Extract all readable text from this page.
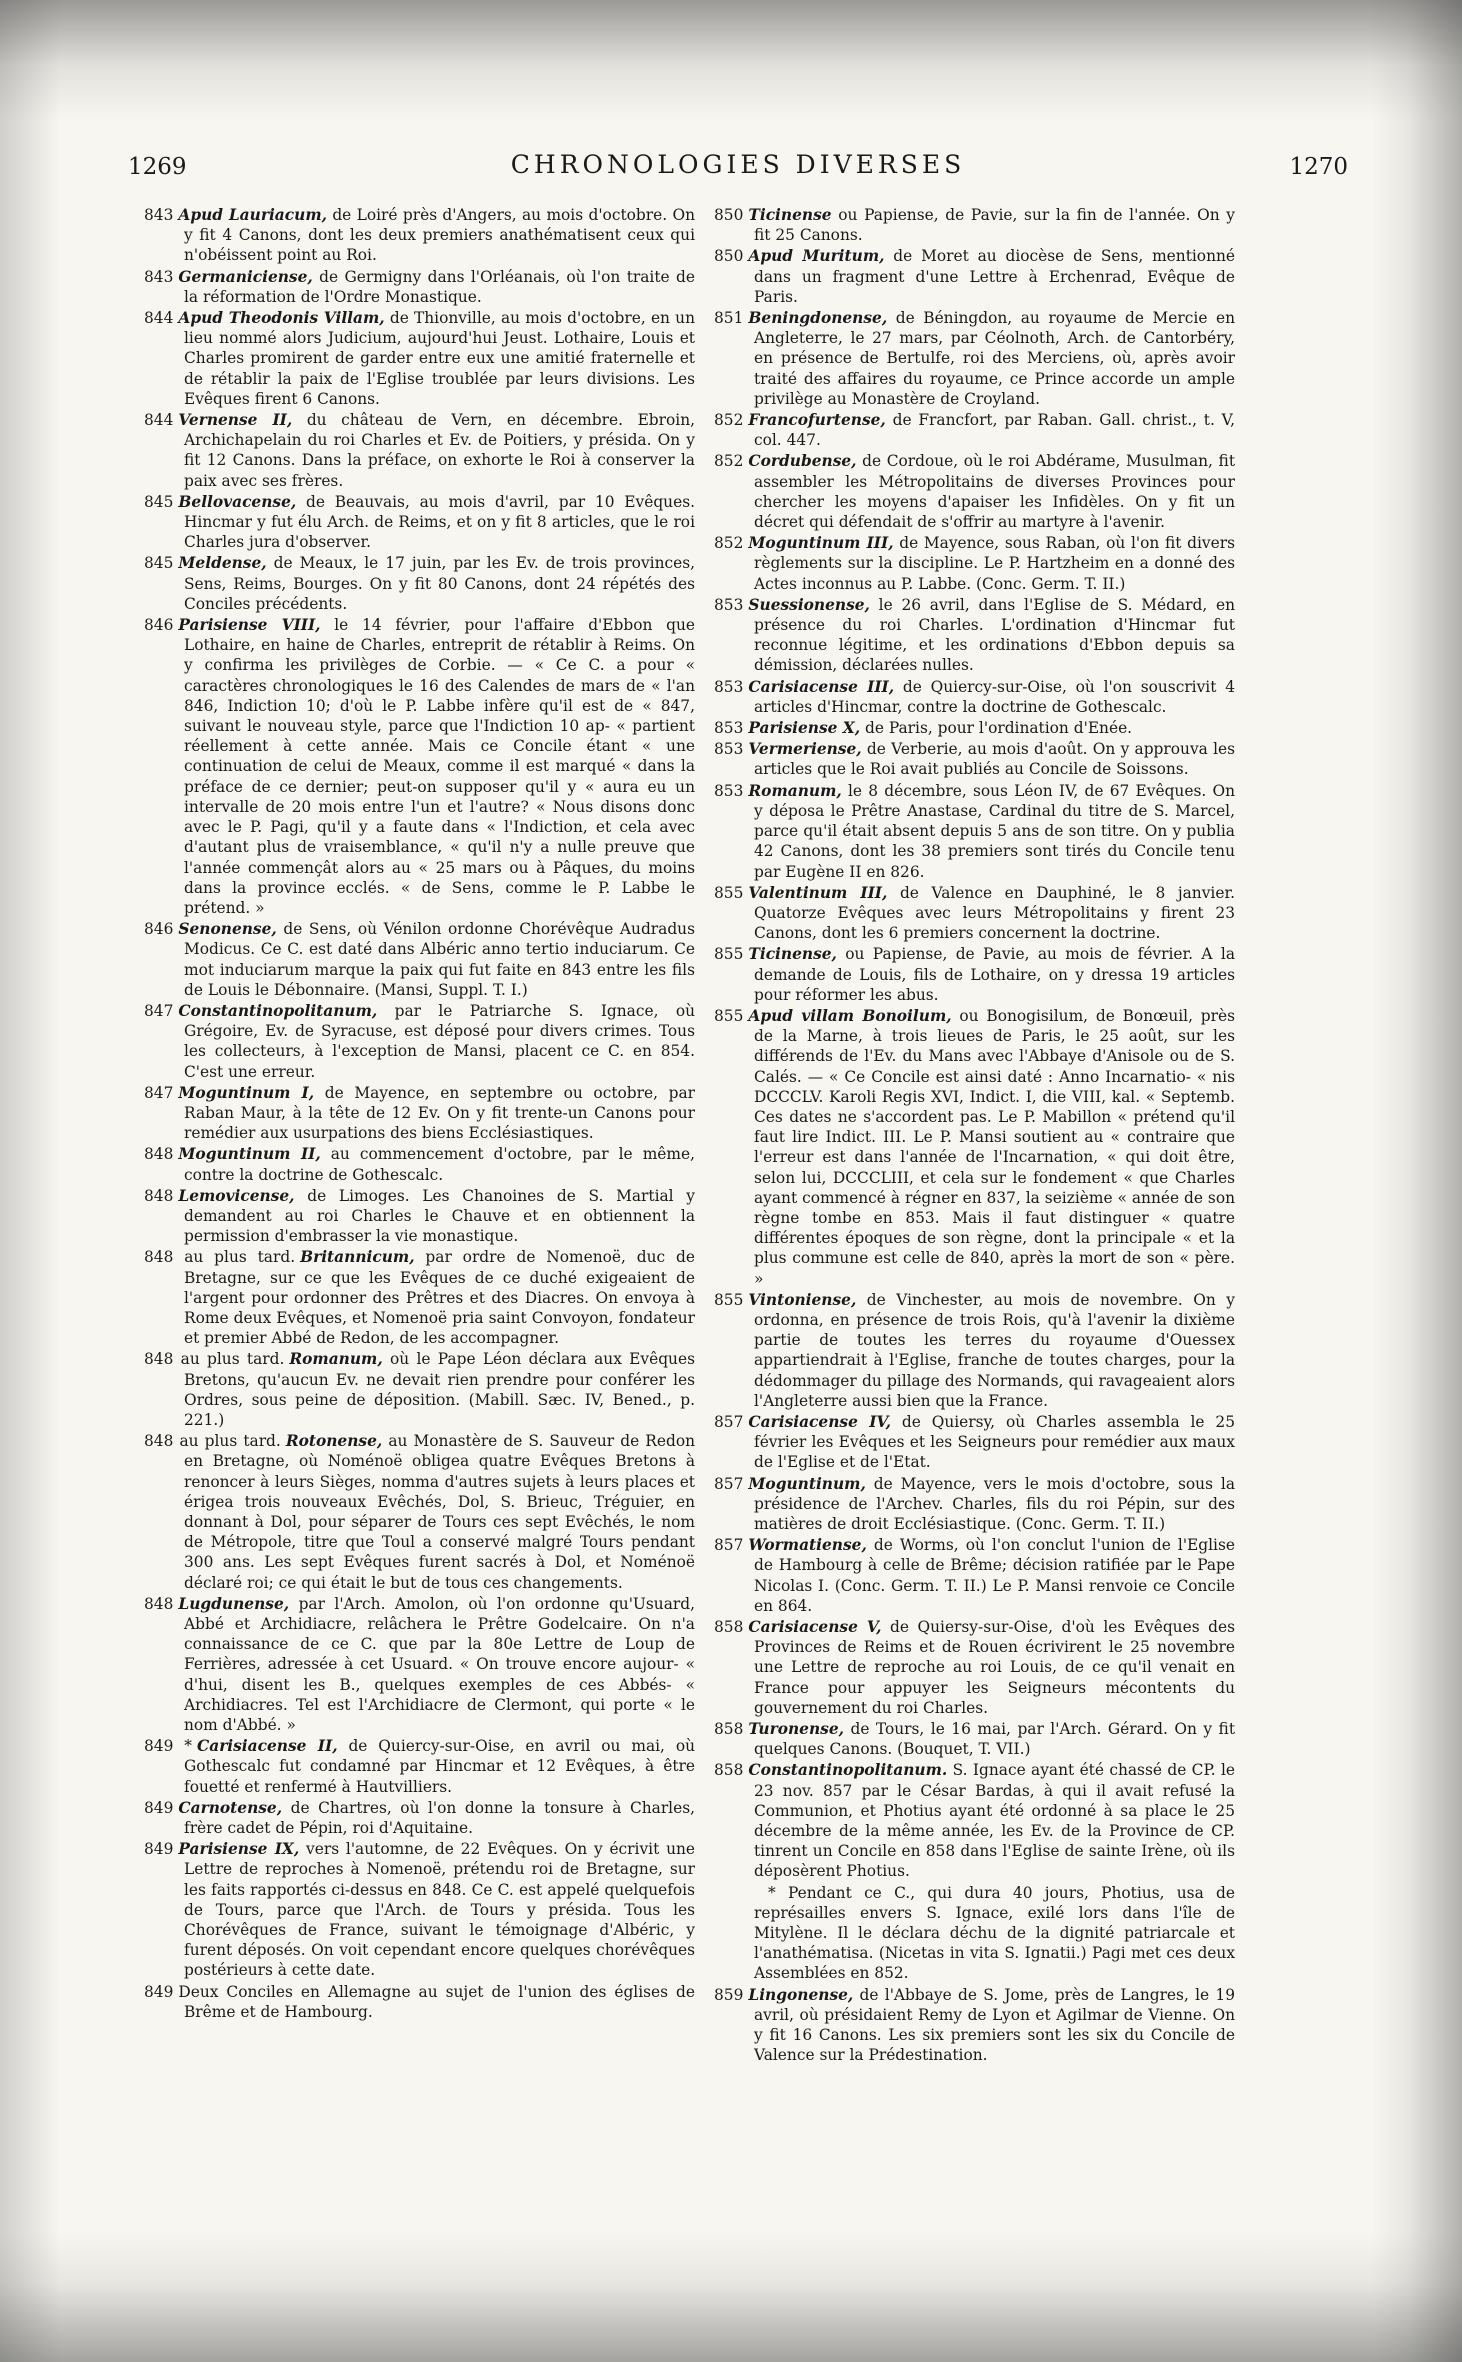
1269	CHRONOLOGIES DIVERSES	1270

843 Apud Lauriacum, de Loiré près d'Angers, au mois d'octobre. On y fit 4 Canons, dont les deux premiers anathématisent ceux qui n'obéissent point au Roi.

843 Germaniciense, de Germigny dans l'Orléanais, où l'on traite de la réformation de l'Ordre Monastique.

844 Apud Theodonis Villam, de Thionville, au mois d'octobre, en un lieu nommé alors Judicium, aujourd'hui Jeust. Lothaire, Louis et Charles promirent de garder entre eux une amitié fraternelle et de rétablir la paix de l'Eglise troublée par leurs divisions. Les Evêques firent 6 Canons.

844 Vernense II, du château de Vern, en décembre. Ebroin, Archichapelain du roi Charles et Ev. de Poitiers, y présida. On y fit 12 Canons. Dans la préface, on exhorte le Roi à conserver la paix avec ses frères.

845 Bellovacense, de Beauvais, au mois d'avril, par 10 Evêques. Hincmar y fut élu Arch. de Reims, et on y fit 8 articles, que le roi Charles jura d'observer.

845 Meldense, de Meaux, le 17 juin, par les Ev. de trois provinces, Sens, Reims, Bourges. On y fit 80 Canons, dont 24 répétés des Conciles précédents.

846 Parisiense VIII, le 14 février, pour l'affaire d'Ebbon que Lothaire, en haine de Charles, entreprit de rétablir à Reims. On y confirma les privilèges de Corbie. — « Ce C. a pour « caractères chronologiques le 16 des Calendes de mars de « l'an 846, Indiction 10; d'où le P. Labbe infère qu'il est de « 847, suivant le nouveau style, parce que l'Indiction 10 ap- « partient réellement à cette année. Mais ce Concile étant « une continuation de celui de Meaux, comme il est marqué « dans la préface de ce dernier; peut-on supposer qu'il y « aura eu un intervalle de 20 mois entre l'un et l'autre? « Nous disons donc avec le P. Pagi, qu'il y a faute dans « l'Indiction, et cela avec d'autant plus de vraisemblance, « qu'il n'y a nulle preuve que l'année commençât alors au « 25 mars ou à Pâques, du moins dans la province ecclés. « de Sens, comme le P. Labbe le prétend. »

846 Senonense, de Sens, où Vénilon ordonne Chorévêque Audradus Modicus. Ce C. est daté dans Albéric anno tertio induciarum. Ce mot induciarum marque la paix qui fut faite en 843 entre les fils de Louis le Débonnaire. (Mansi, Suppl. T. I.)

847 Constantinopolitanum, par le Patriarche S. Ignace, où Grégoire, Ev. de Syracuse, est déposé pour divers crimes. Tous les collecteurs, à l'exception de Mansi, placent ce C. en 854. C'est une erreur.

847 Moguntinum I, de Mayence, en septembre ou octobre, par Raban Maur, à la tête de 12 Ev. On y fit trente-un Canons pour remédier aux usurpations des biens Ecclésiastiques.

848 Moguntinum II, au commencement d'octobre, par le même, contre la doctrine de Gothescalc.

848 Lemovicense, de Limoges. Les Chanoines de S. Martial y demandent au roi Charles le Chauve et en obtiennent la permission d'embrasser la vie monastique.

848 au plus tard. Britannicum, par ordre de Nomenoë, duc de Bretagne, sur ce que les Evêques de ce duché exigeaient de l'argent pour ordonner des Prêtres et des Diacres. On envoya à Rome deux Evêques, et Nomenoë pria saint Convoyon, fondateur et premier Abbé de Redon, de les accompagner.

848 au plus tard. Romanum, où le Pape Léon déclara aux Evêques Bretons, qu'aucun Ev. ne devait rien prendre pour conférer les Ordres, sous peine de déposition. (Mabill. Sæc. IV, Bened., p. 221.)

848 au plus tard. Rotonense, au Monastère de S. Sauveur de Redon en Bretagne, où Noménoë obligea quatre Evêques Bretons à renoncer à leurs Sièges, nomma d'autres sujets à leurs places et érigea trois nouveaux Evêchés, Dol, S. Brieuc, Tréguier, en donnant à Dol, pour séparer de Tours ces sept Evêchés, le nom de Métropole, titre que Toul a conservé malgré Tours pendant 300 ans. Les sept Evêques furent sacrés à Dol, et Noménoë déclaré roi; ce qui était le but de tous ces changements.

848 Lugdunense, par l'Arch. Amolon, où l'on ordonne qu'Usuard, Abbé et Archidiacre, relâchera le Prêtre Godelcaire. On n'a connaissance de ce C. que par la 80e Lettre de Loup de Ferrières, adressée à cet Usuard. « On trouve encore aujour- « d'hui, disent les B., quelques exemples de ces Abbés- « Archidiacres. Tel est l'Archidiacre de Clermont, qui porte « le nom d'Abbé. »

849 * Carisiacense II, de Quiercy-sur-Oise, en avril ou mai, où Gothescalc fut condamné par Hincmar et 12 Evêques, à être fouetté et renfermé à Hautvilliers.

849 Carnotense, de Chartres, où l'on donne la tonsure à Charles, frère cadet de Pépin, roi d'Aquitaine.

849 Parisiense IX, vers l'automne, de 22 Evêques. On y écrivit une Lettre de reproches à Nomenoë, prétendu roi de Bretagne, sur les faits rapportés ci-dessus en 848. Ce C. est appelé quelquefois de Tours, parce que l'Arch. de Tours y présida. Tous les Chorévêques de France, suivant le témoignage d'Albéric, y furent déposés. On voit cependant encore quelques chorévêques postérieurs à cette date.

849 Deux Conciles en Allemagne au sujet de l'union des églises de Brême et de Hambourg.

850 Ticinense ou Papiense, de Pavie, sur la fin de l'année. On y fit 25 Canons.

850 Apud Muritum, de Moret au diocèse de Sens, mentionné dans un fragment d'une Lettre à Erchenrad, Evêque de Paris.

851 Beningdonense, de Béningdon, au royaume de Mercie en Angleterre, le 27 mars, par Céolnoth, Arch. de Cantorbéry, en présence de Bertulfe, roi des Merciens, où, après avoir traité des affaires du royaume, ce Prince accorde un ample privilège au Monastère de Croyland.

852 Francofurtense, de Francfort, par Raban. Gall. christ., t. V, col. 447.

852 Cordubense, de Cordoue, où le roi Abdérame, Musulman, fit assembler les Métropolitains de diverses Provinces pour chercher les moyens d'apaiser les Infidèles. On y fit un décret qui défendait de s'offrir au martyre à l'avenir.

852 Moguntinum III, de Mayence, sous Raban, où l'on fit divers règlements sur la discipline. Le P. Hartzheim en a donné des Actes inconnus au P. Labbe. (Conc. Germ. T. II.)

853 Suessionense, le 26 avril, dans l'Eglise de S. Médard, en présence du roi Charles. L'ordination d'Hincmar fut reconnue légitime, et les ordinations d'Ebbon depuis sa démission, déclarées nulles.

853 Carisiacense III, de Quiercy-sur-Oise, où l'on souscrivit 4 articles d'Hincmar, contre la doctrine de Gothescalc.

853 Parisiense X, de Paris, pour l'ordination d'Enée.

853 Vermeriense, de Verberie, au mois d'août. On y approuva les articles que le Roi avait publiés au Concile de Soissons.

853 Romanum, le 8 décembre, sous Léon IV, de 67 Evêques. On y déposa le Prêtre Anastase, Cardinal du titre de S. Marcel, parce qu'il était absent depuis 5 ans de son titre. On y publia 42 Canons, dont les 38 premiers sont tirés du Concile tenu par Eugène II en 826.

855 Valentinum III, de Valence en Dauphiné, le 8 janvier. Quatorze Evêques avec leurs Métropolitains y firent 23 Canons, dont les 6 premiers concernent la doctrine.

855 Ticinense, ou Papiense, de Pavie, au mois de février. A la demande de Louis, fils de Lothaire, on y dressa 19 articles pour réformer les abus.

855 Apud villam Bonoilum, ou Bonogisilum, de Bonœuil, près de la Marne, à trois lieues de Paris, le 25 août, sur les différends de l'Ev. du Mans avec l'Abbaye d'Anisole ou de S. Calés. — « Ce Concile est ainsi daté : Anno Incarnatio- « nis DCCCLV. Karoli Regis XVI, Indict. I, die VIII, kal. « Septemb. Ces dates ne s'accordent pas. Le P. Mabillon « prétend qu'il faut lire Indict. III. Le P. Mansi soutient au « contraire que l'erreur est dans l'année de l'Incarnation, « qui doit être, selon lui, DCCCLIII, et cela sur le fondement « que Charles ayant commencé à régner en 837, la seizième « année de son règne tombe en 853. Mais il faut distinguer « quatre différentes époques de son règne, dont la principale « et la plus commune est celle de 840, après la mort de son « père. »

855 Vintoniense, de Vinchester, au mois de novembre. On y ordonna, en présence de trois Rois, qu'à l'avenir la dixième partie de toutes les terres du royaume d'Ouessex appartiendrait à l'Eglise, franche de toutes charges, pour la dédommager du pillage des Normands, qui ravageaient alors l'Angleterre aussi bien que la France.

857 Carisiacense IV, de Quiersy, où Charles assembla le 25 février les Evêques et les Seigneurs pour remédier aux maux de l'Eglise et de l'Etat.

857 Moguntinum, de Mayence, vers le mois d'octobre, sous la présidence de l'Archev. Charles, fils du roi Pépin, sur des matières de droit Ecclésiastique. (Conc. Germ. T. II.)

857 Wormatiense, de Worms, où l'on conclut l'union de l'Eglise de Hambourg à celle de Brême; décision ratifiée par le Pape Nicolas I. (Conc. Germ. T. II.) Le P. Mansi renvoie ce Concile en 864.

858 Carisiacense V, de Quiersy-sur-Oise, d'où les Evêques des Provinces de Reims et de Rouen écrivirent le 25 novembre une Lettre de reproche au roi Louis, de ce qu'il venait en France pour appuyer les Seigneurs mécontents du gouvernement du roi Charles.

858 Turonense, de Tours, le 16 mai, par l'Arch. Gérard. On y fit quelques Canons. (Bouquet, T. VII.)

858 Constantinopolitanum. S. Ignace ayant été chassé de CP. le 23 nov. 857 par le César Bardas, à qui il avait refusé la Communion, et Photius ayant été ordonné à sa place le 25 décembre de la même année, les Ev. de la Province de CP. tinrent un Concile en 858 dans l'Eglise de sainte Irène, où ils déposèrent Photius.

* Pendant ce C., qui dura 40 jours, Photius, usa de représailles envers S. Ignace, exilé lors dans l'île de Mitylène. Il le déclara déchu de la dignité patriarcale et l'anathématisa. (Nicetas in vita S. Ignatii.) Pagi met ces deux Assemblées en 852.

859 Lingonense, de l'Abbaye de S. Jome, près de Langres, le 19 avril, où présidaient Remy de Lyon et Agilmar de Vienne. On y fit 16 Canons. Les six premiers sont les six du Concile de Valence sur la Prédestination.
